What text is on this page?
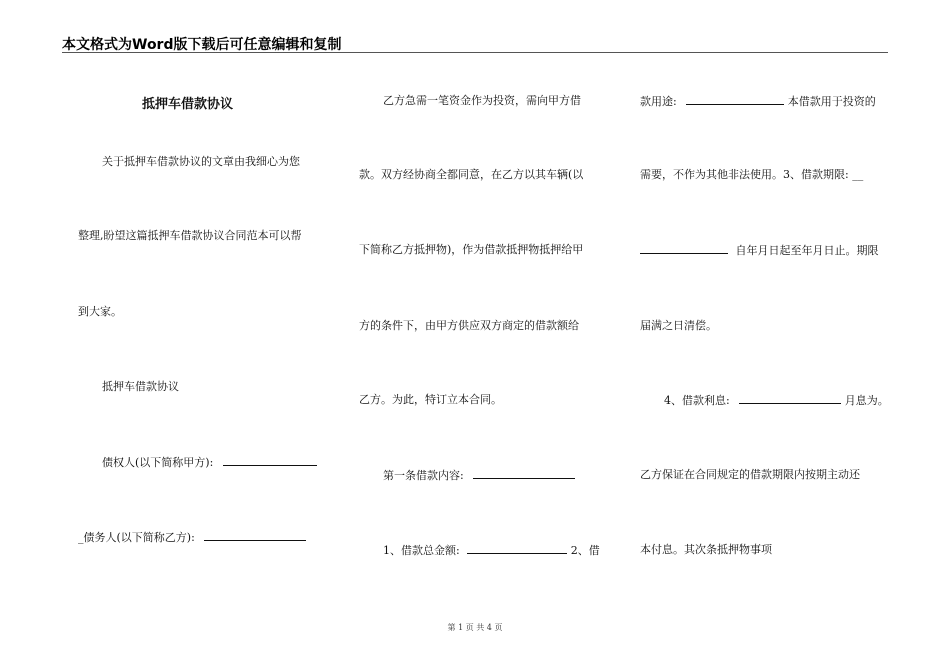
本文格式为Word版下载后可任意编辑和复制
抵押车借款协议
关于抵押车借款协议的文章由我细心为您
整理,盼望这篇抵押车借款协议合同范本可以帮
到大家。
抵押车借款协议
债权人(以下简称甲方):
_债务人(以下简称乙方):
乙方急需一笔资金作为投资，需向甲方借
款。双方经协商全都同意，在乙方以其车辆(以
下简称乙方抵押物)，作为借款抵押物抵押给甲
方的条件下，由甲方供应双方商定的借款额给
乙方。为此，特订立本合同。
第一条借款内容:
1、借款总金额:	2、借
款用途:	本借款用于投资的
需要，不作为其他非法使用。3、借款期限: __
自年月日起至年月日止。期限
届满之日清偿。
4、借款利息:	月息为。
乙方保证在合同规定的借款期限内按期主动还
本付息。其次条抵押物事项
第 1 页 共 4 页
